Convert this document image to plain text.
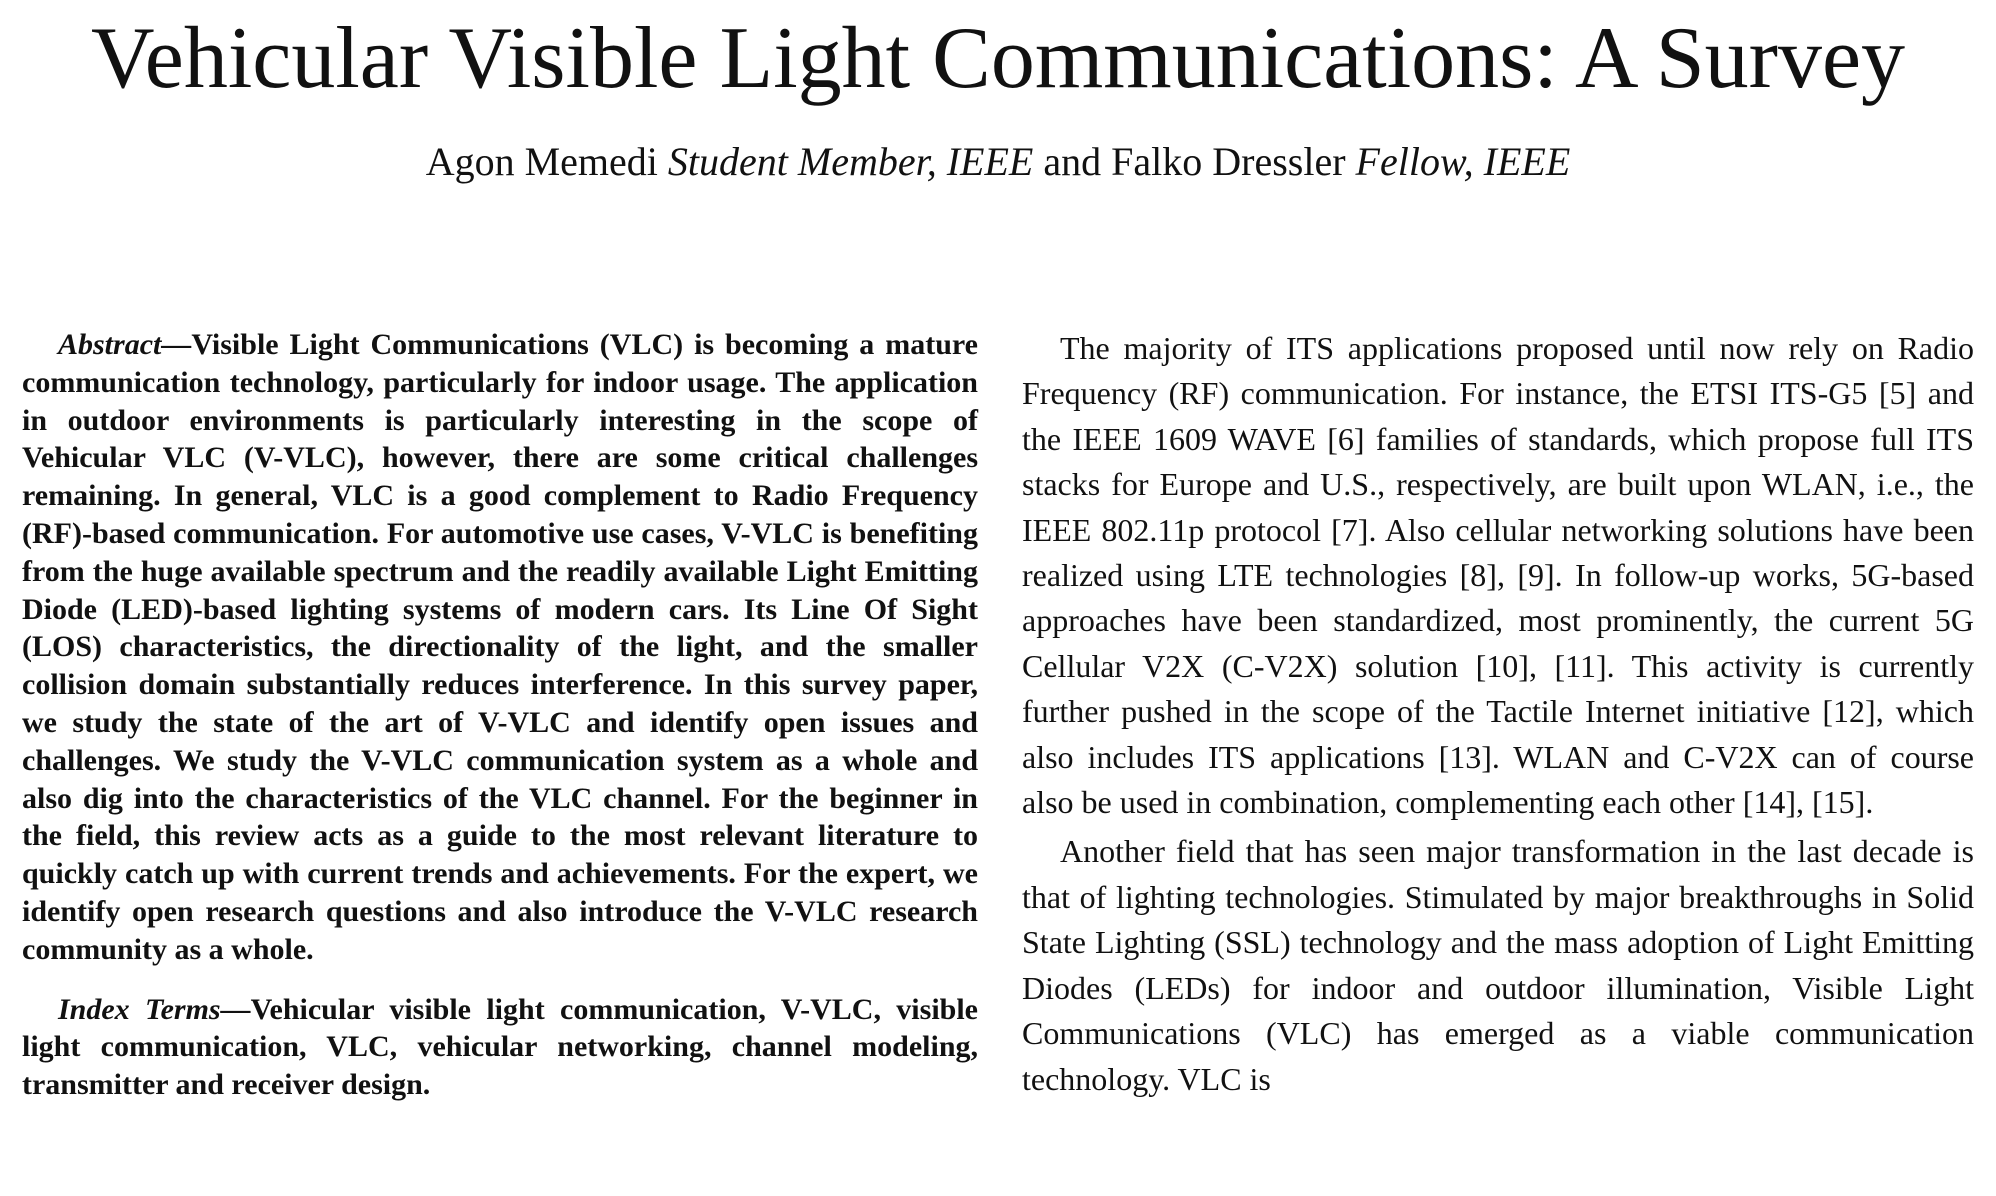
Vehicular Visible Light Communications: A Survey
Agon Memedi Student Member, IEEE and Falko Dressler Fellow, IEEE

Abstract—Visible Light Communications (VLC) is becoming a mature communication technology, particularly for indoor usage. The application in outdoor environments is particularly interesting in the scope of Vehicular VLC (V-VLC), however, there are some critical challenges remaining. In general, VLC is a good complement to Radio Frequency (RF)-based communication. For automotive use cases, V-VLC is benefiting from the huge available spectrum and the readily available Light Emitting Diode (LED)-based lighting systems of modern cars. Its Line Of Sight (LOS) characteristics, the directionality of the light, and the smaller collision domain substantially reduces interference. In this survey paper, we study the state of the art of V-VLC and identify open issues and challenges. We study the V-VLC communication system as a whole and also dig into the characteristics of the VLC channel. For the beginner in the field, this review acts as a guide to the most relevant literature to quickly catch up with current trends and achievements. For the expert, we identify open research questions and also introduce the V-VLC research community as a whole.

Index Terms—Vehicular visible light communication, V-VLC, visible light communication, VLC, vehicular networking, channel modeling, transmitter and receiver design.

The majority of ITS applications proposed until now rely on Radio Frequency (RF) communication. For instance, the ETSI ITS-G5 [5] and the IEEE 1609 WAVE [6] families of standards, which propose full ITS stacks for Europe and U.S., respectively, are built upon WLAN, i.e., the IEEE 802.11p protocol [7]. Also cellular networking solutions have been realized using LTE technologies [8], [9]. In follow-up works, 5G-based approaches have been standardized, most prominently, the current 5G Cellular V2X (C-V2X) solution [10], [11]. This activity is currently further pushed in the scope of the Tactile Internet initiative [12], which also includes ITS applications [13]. WLAN and C-V2X can of course also be used in combination, complementing each other [14], [15].

Another field that has seen major transformation in the last decade is that of lighting technologies. Stimulated by major breakthroughs in Solid State Lighting (SSL) technology and the mass adoption of Light Emitting Diodes (LEDs) for indoor and outdoor illumination, Visible Light Communications (VLC) has emerged as a viable communication technology. VLC is
